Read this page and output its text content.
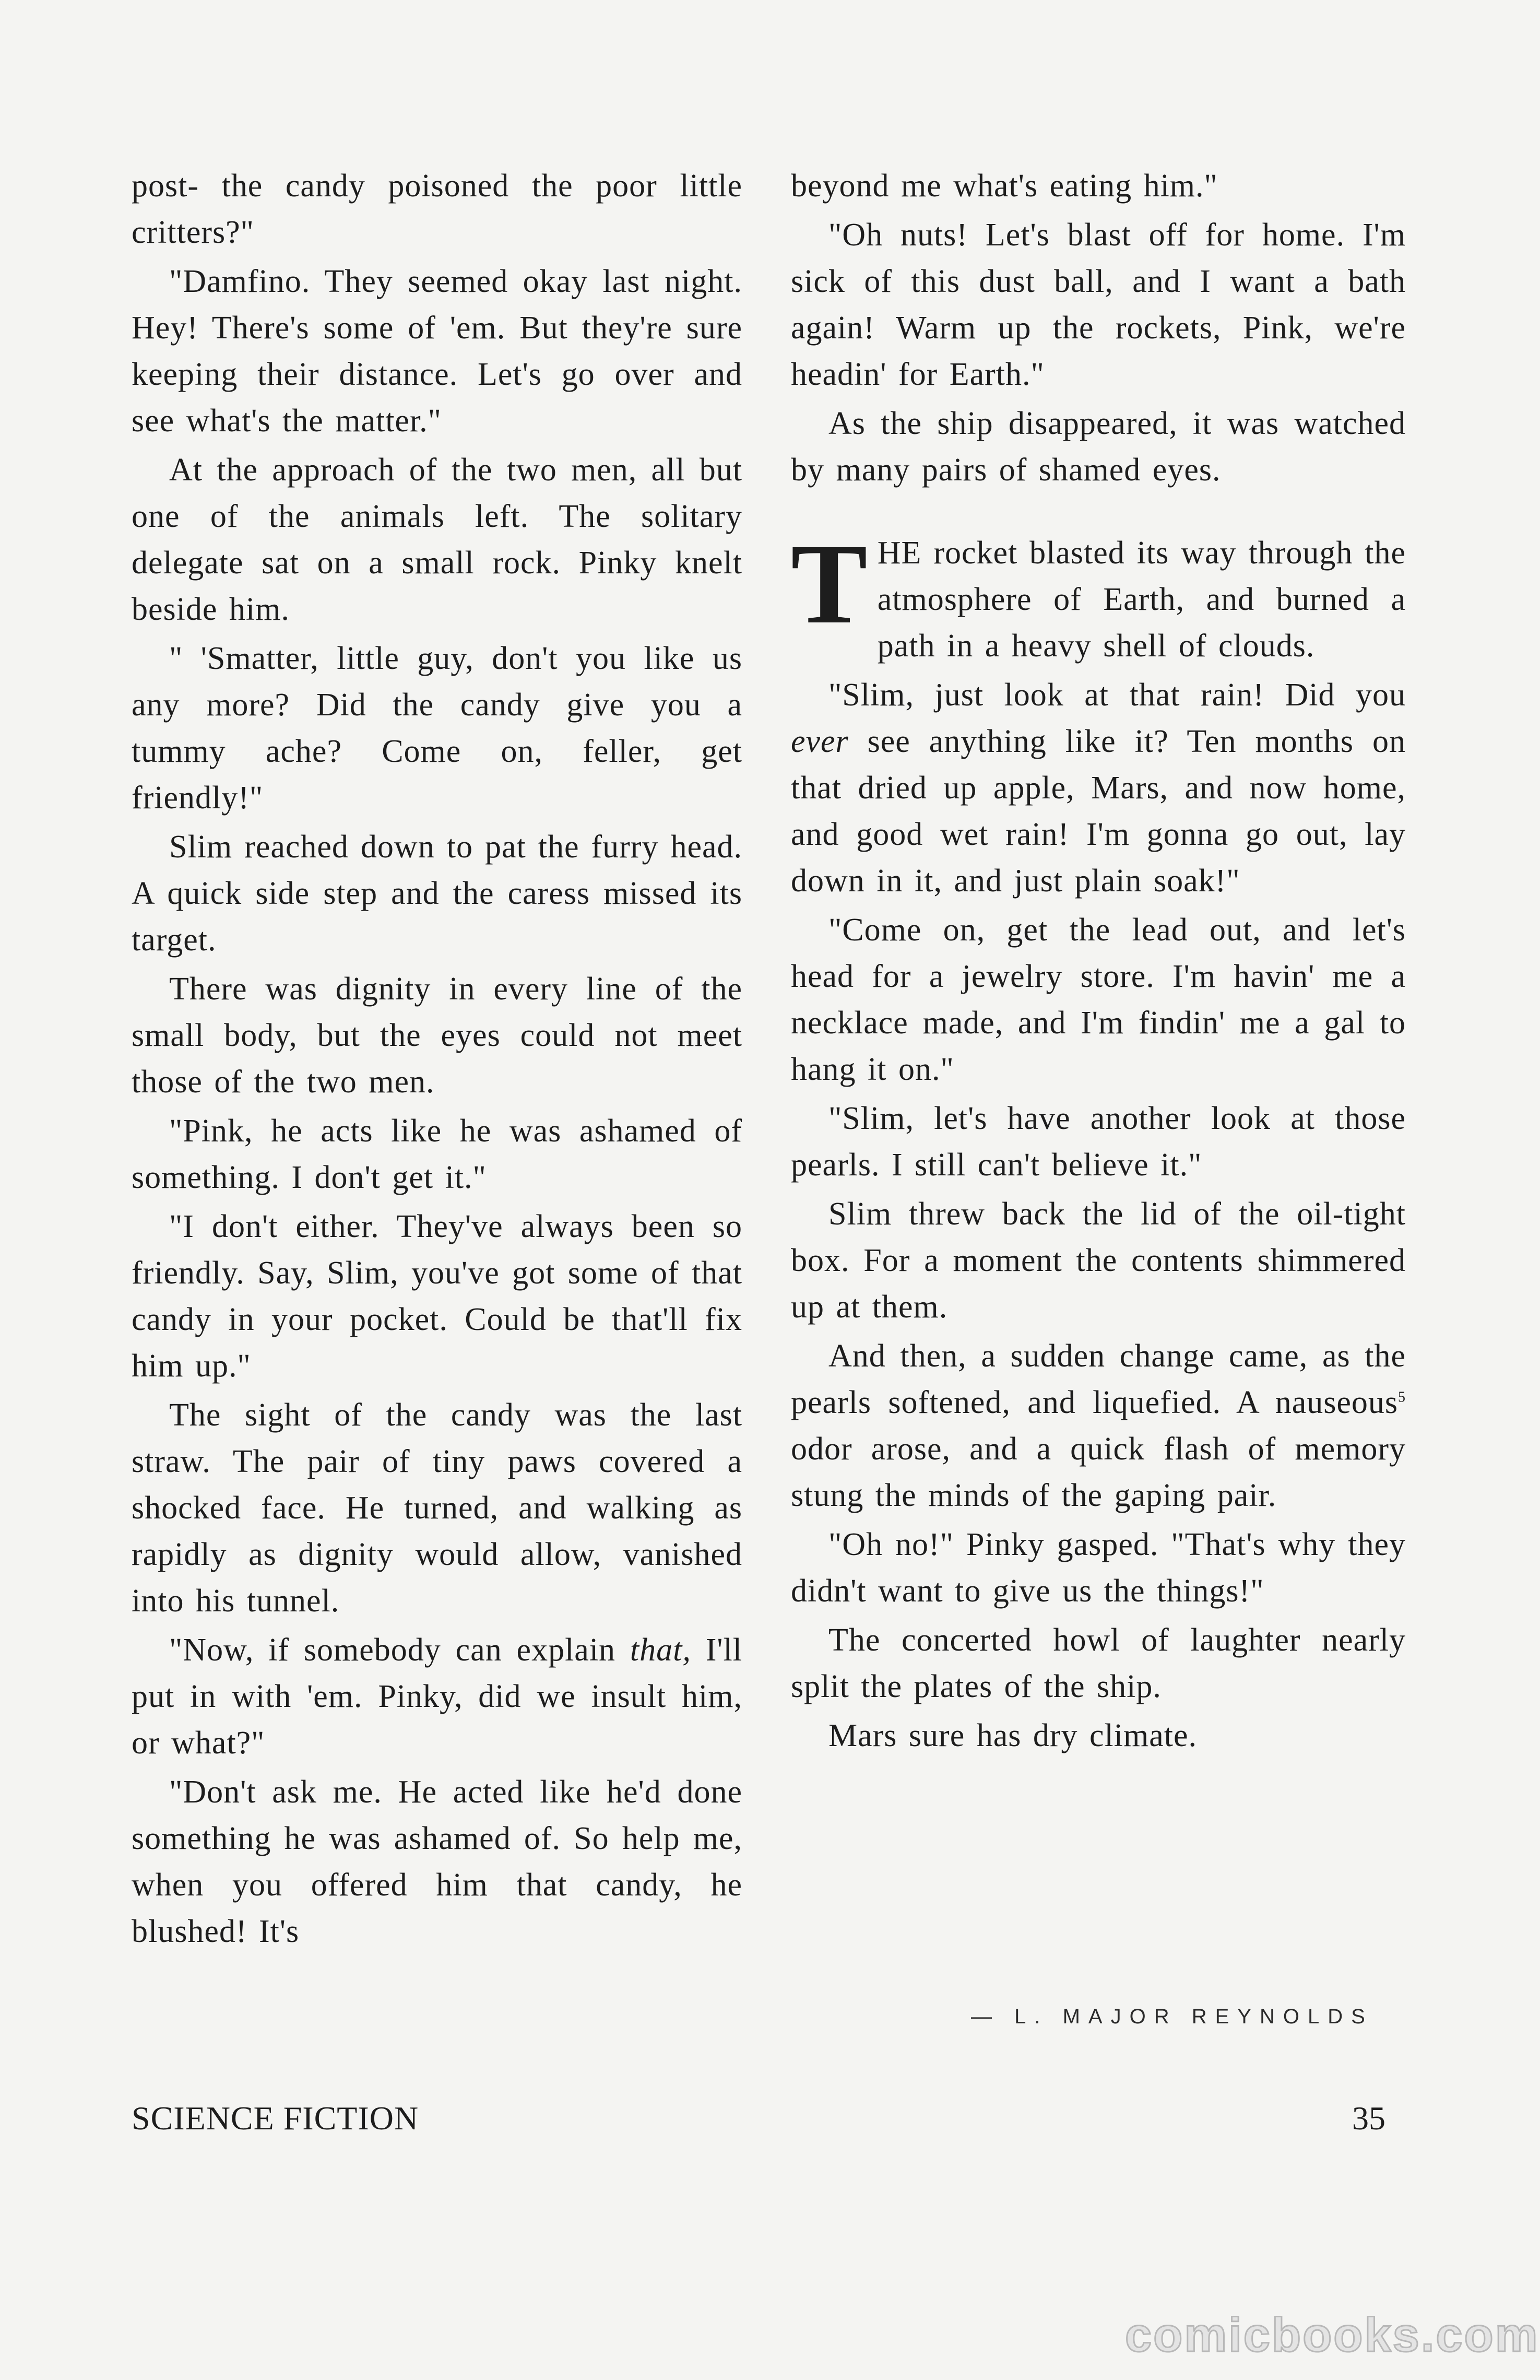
post- the candy poisoned the poor little critters?"

"Damfino. They seemed okay last night. Hey! There's some of 'em. But they're sure keeping their distance. Let's go over and see what's the matter."

At the approach of the two men, all but one of the animals left. The solitary delegate sat on a small rock. Pinky knelt beside him.

" 'Smatter, little guy, don't you like us any more? Did the candy give you a tummy ache? Come on, feller, get friendly!"

Slim reached down to pat the furry head. A quick side step and the caress missed its target.

There was dignity in every line of the small body, but the eyes could not meet those of the two men.

"Pink, he acts like he was ashamed of something. I don't get it."

"I don't either. They've always been so friendly. Say, Slim, you've got some of that candy in your pocket. Could be that'll fix him up."

The sight of the candy was the last straw. The pair of tiny paws covered a shocked face. He turned, and walking as rapidly as dignity would allow, vanished into his tunnel.

"Now, if somebody can explain that, I'll put in with 'em. Pinky, did we insult him, or what?"

"Don't ask me. He acted like he'd done something he was ashamed of. So help me, when you offered him that candy, he blushed! It's

beyond me what's eating him."

"Oh nuts! Let's blast off for home. I'm sick of this dust ball, and I want a bath again! Warm up the rockets, Pink, we're headin' for Earth."

As the ship disappeared, it was watched by many pairs of shamed eyes.

THE rocket blasted its way through the atmosphere of Earth, and burned a path in a heavy shell of clouds.

"Slim, just look at that rain! Did you ever see anything like it? Ten months on that dried up apple, Mars, and now home, and good wet rain! I'm gonna go out, lay down in it, and just plain soak!"

"Come on, get the lead out, and let's head for a jewelry store. I'm havin' me a necklace made, and I'm findin' me a gal to hang it on."

"Slim, let's have another look at those pearls. I still can't believe it."

Slim threw back the lid of the oil-tight box. For a moment the contents shimmered up at them.

And then, a sudden change came, as the pearls softened, and liquefied. A nauseous$^5$ odor arose, and a quick flash of memory stung the minds of the gaping pair.

"Oh no!" Pinky gasped. "That's why they didn't want to give us the things!"

The concerted howl of laughter nearly split the plates of the ship.

Mars sure has dry climate.

— L. MAJOR REYNOLDS
SCIENCE FICTION	35
comicbooks.com
